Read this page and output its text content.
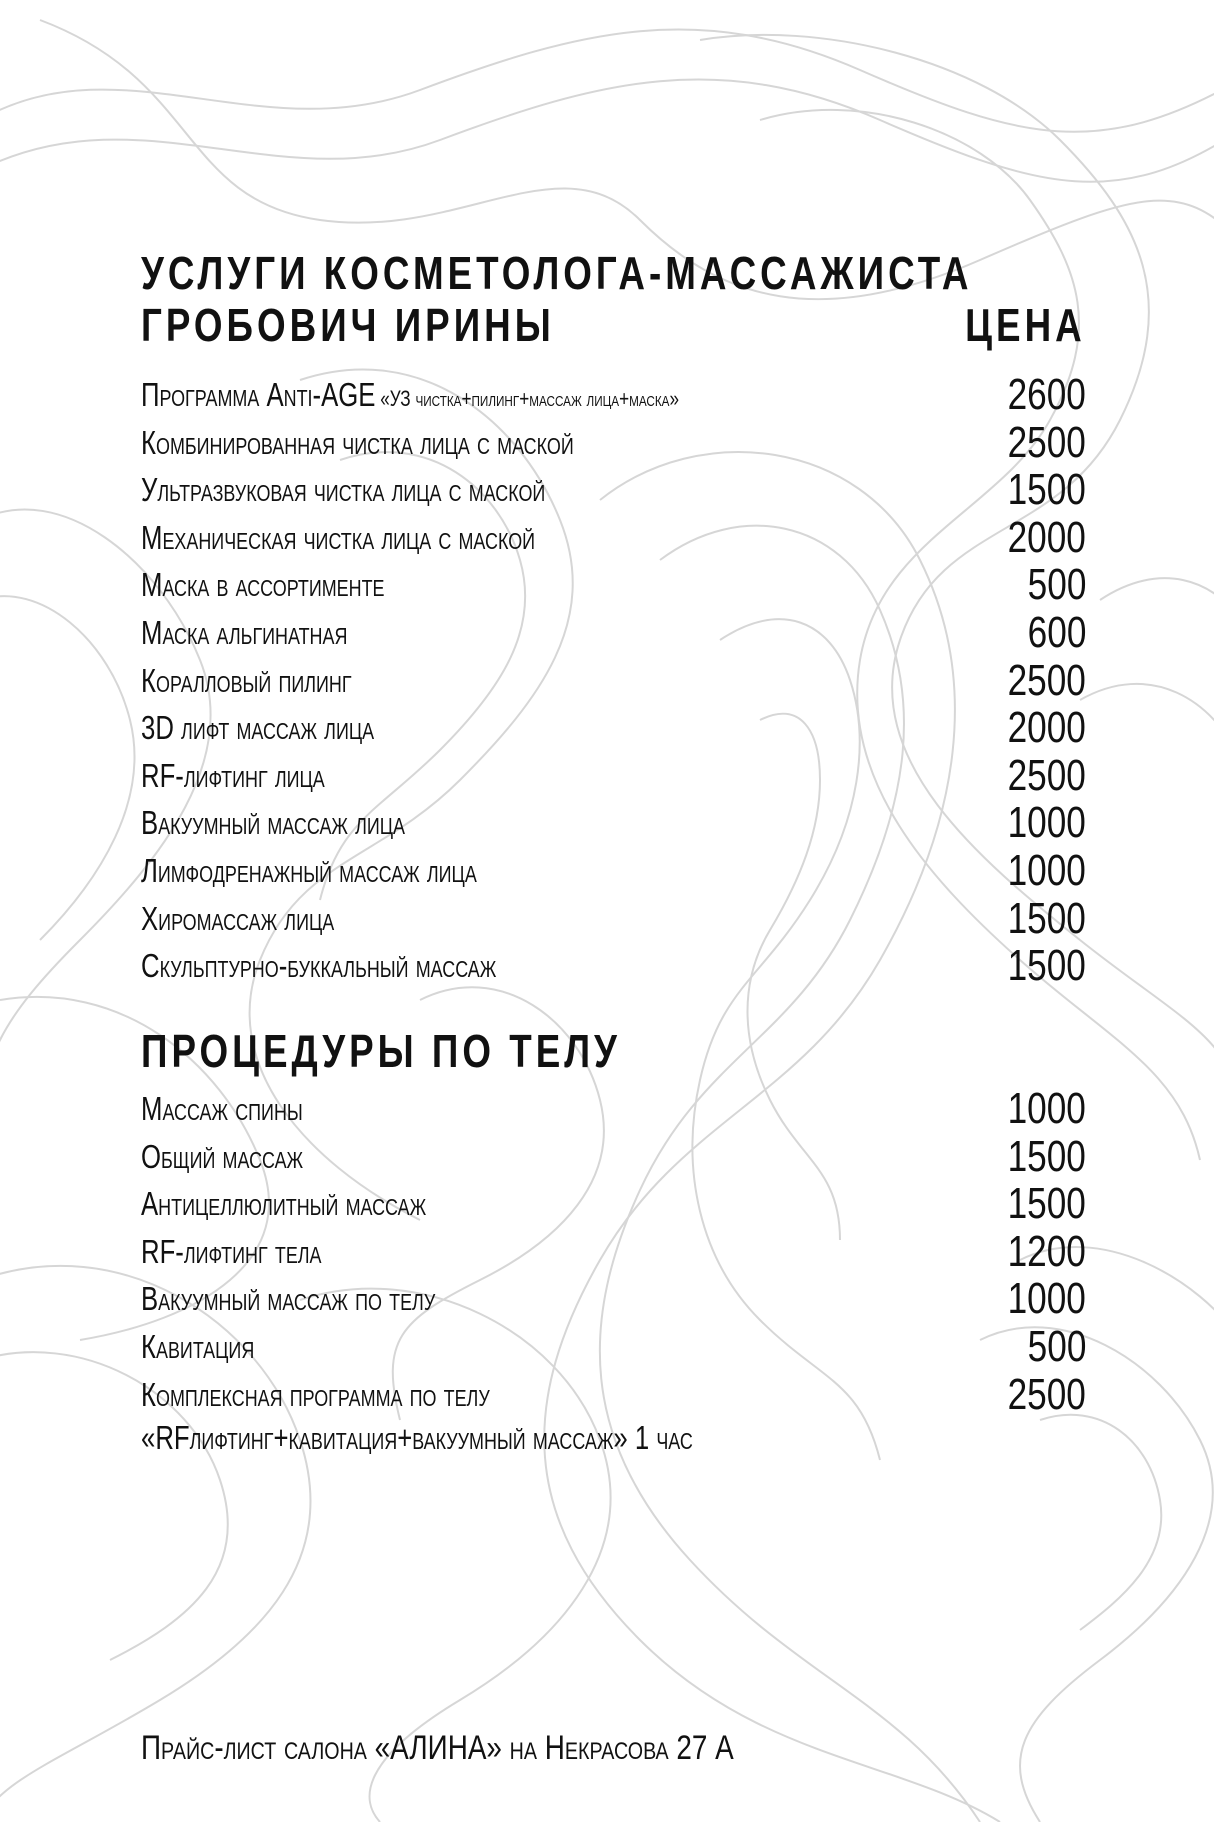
УСЛУГИ КОСМЕТОЛОГА-МАССАЖИСТА
ГРОБОВИЧ ИРИНЫ	ЦЕНА
Программа Anti-AGE «УЗ чистка+пилинг+массаж лица+маска»	2600
Комбинированная чистка лица с маской	2500
Ультразвуковая чистка лица с маской	1500
Механическая чистка лица с маской	2000
Маска в ассортименте	500
Маска альгинатная	600
Коралловый пилинг	2500
3D лифт массаж лица	2000
RF-лифтинг лица	2500
Вакуумный массаж лица	1000
Лимфодренажный массаж лица	1000
Хиромассаж лица	1500
Скульптурно-буккальный массаж	1500
ПРОЦЕДУРЫ ПО ТЕЛУ
Массаж спины	1000
Общий массаж	1500
Антицеллюлитный массаж	1500
RF-лифтинг тела	1200
Вакуумный массаж по телу	1000
Кавитация	500
Комплексная программа по телу	2500
«RFлифтинг+кавитация+вакуумный массаж» 1 час

Прайс-лист салона «АЛИНА» на Некрасова 27 А
